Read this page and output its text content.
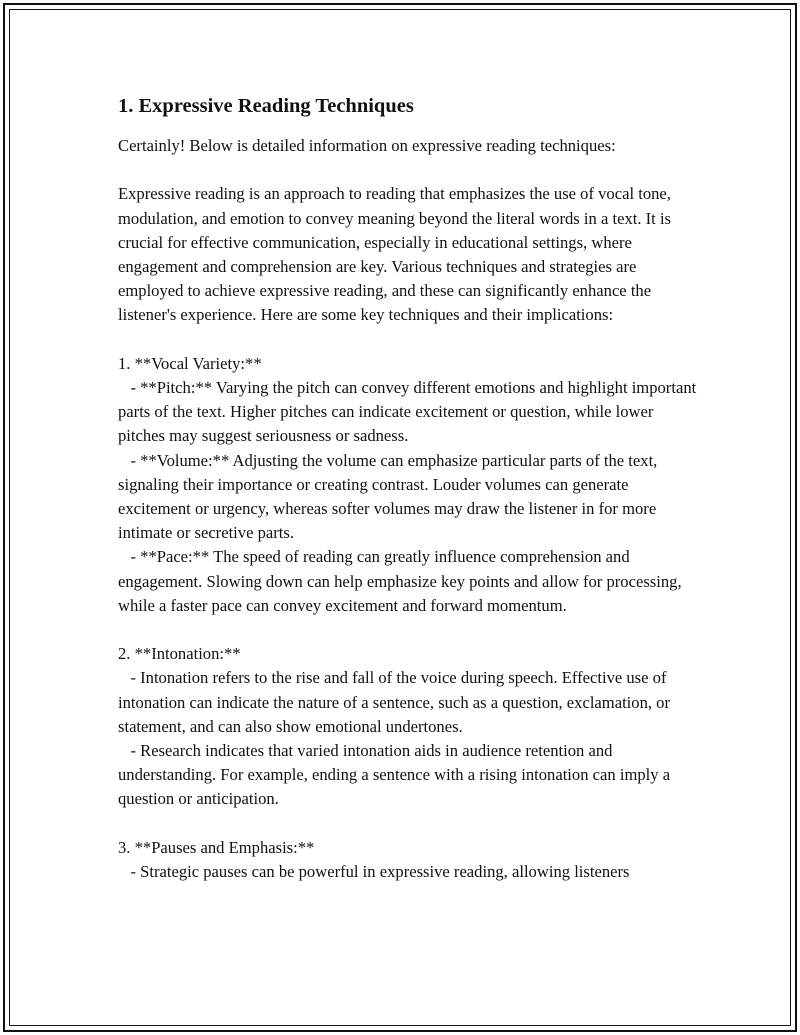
1. Expressive Reading Techniques

Certainly! Below is detailed information on expressive reading techniques:

Expressive reading is an approach to reading that emphasizes the use of vocal tone, modulation, and emotion to convey meaning beyond the literal words in a text. It is crucial for effective communication, especially in educational settings, where engagement and comprehension are key. Various techniques and strategies are employed to achieve expressive reading, and these can significantly enhance the listener's experience. Here are some key techniques and their implications:

1. **Vocal Variety:**

- **Pitch:** Varying the pitch can convey different emotions and highlight important parts of the text. Higher pitches can indicate excitement or question, while lower pitches may suggest seriousness or sadness.

- **Volume:** Adjusting the volume can emphasize particular parts of the text, signaling their importance or creating contrast. Louder volumes can generate excitement or urgency, whereas softer volumes may draw the listener in for more intimate or secretive parts.

- **Pace:** The speed of reading can greatly influence comprehension and engagement. Slowing down can help emphasize key points and allow for processing, while a faster pace can convey excitement and forward momentum.

2. **Intonation:**

- Intonation refers to the rise and fall of the voice during speech. Effective use of intonation can indicate the nature of a sentence, such as a question, exclamation, or statement, and can also show emotional undertones.

- Research indicates that varied intonation aids in audience retention and understanding. For example, ending a sentence with a rising intonation can imply a question or anticipation.

3. **Pauses and Emphasis:**

- Strategic pauses can be powerful in expressive reading, allowing listeners
